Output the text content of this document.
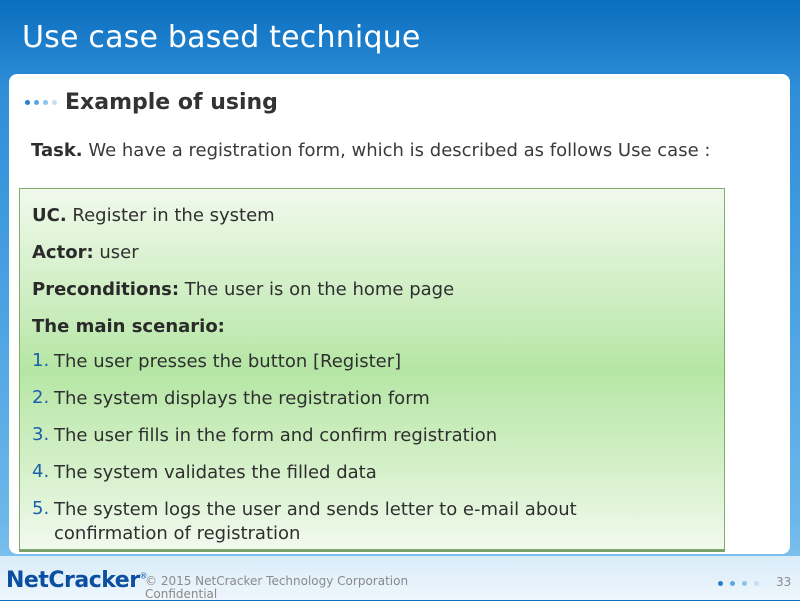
Use case based technique
Example of using
Task. We have a registration form, which is described as follows Use case :
UC. Register in the system
Actor: user
Preconditions: The user is on the home page
The main scenario:
1. The user presses the button [Register]
2. The system displays the registration form
3. The user fills in the form and confirm registration
4. The system validates the filled data
5. The system logs the user and sends letter to e-mail about
confirmation of registration
NetCracker®
© 2015 NetCracker Technology Corporation
Confidential
33
